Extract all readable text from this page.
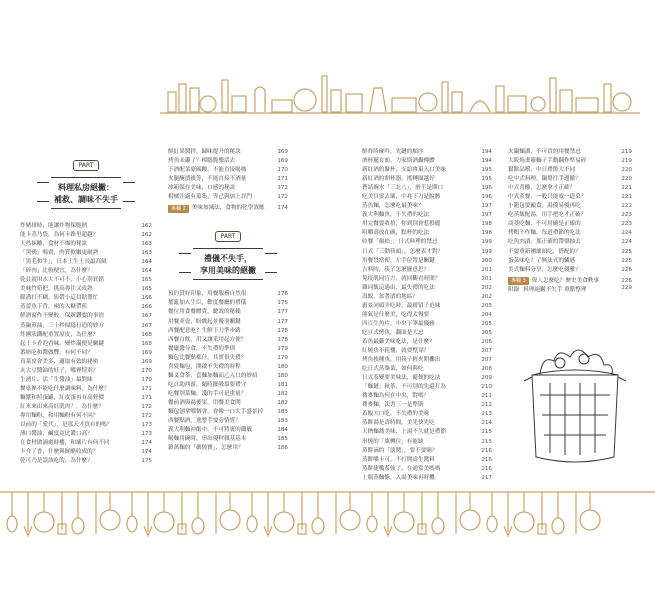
PART
料理私房絕撇：
補救、調味不失手
炸豬排時，能讓炸物保脆熱	162
能卡蒸乃袋，為何卡路里超越？	162
天然抹醣，食材不爆的秘訣	163
「黑鴉」嗎賣，肉質軟嫩更耐熟	163
「黑毛和牛」，日本土生土長最高級	164
「碎肉」比較便宜，為什麼？	164
乾貝就用水大不可不，小心別買錯	165
美味竹筍把，挑高專注又成熟	165
脈溝打不糊，影帶小這員貼製忙	166
蒸蕾魚下背，密的入糖帶煎	166
鮮酒窗作不變較，保新鑽要的事情	167
蒸鍋煎油，三十秒掃隱打造的妙方	167
炸團狀鐵配重置原皮，為什麼？	168
起士卡香泡香味，變炸滿便是關鍵	168
番奶吃和醬做響，有何不同？	169
真菜皮會美多，適取有效的祕密	169
丸大豆醬油的妊子，哪裡特別？	170
生湧片、活「生醬油」最對味	170
餐桌裡不能吃什麼調味料，為什麼？	171
麵漿和照蛋罐，紅皮蛋再有高營價	171
紅米來出來高紅肌肉？，為什麼？	172
專用麵粉，和用麵粉有何不同？	172
以前的「愛代」，是那天才買有的嗎？	173
薄口醬油，鹹度竟比濃口高？	173
在食材做滷處時樓，和壞片有何不同	174
卡介了香，什麼與鮮醋收成的？	174
乾可乃是誤該吃的，為什麼？	175
鮮紅果醬拌，歸味提升的秘訣	169
烤魚未瀨了？樟腦脆樂話去	169
下酒配菜豪碳酸，不能直接喝嗎	170
火腿醃漬後等，不能直接不酒量	171
冰箱保存美味，口感的秘訣	172
柑橘汁適有募集，等己與加上評門	172
專欄 2	美味加減法，食物的化學效應	174
PART
禮儀不失手，
享用美味的絕撇
預約貸好印象，用餐服務自然很	176
搖亂加入生臣，歡度餐廳的禮儀	176
餐位用食餐體貴，聰效的秘賴	177
用餐並壺，盼戲起景優羽關鍵	177
西餐配意吃？生鮮下刀準步路	178
西餐白飲，用又讓采用起方便？	178
餐嚴醬分食，不失禮的準則	179
麵包比餐點都什，其實很失禮？	179
喜髮麵包，開啟不失禮的時程	180
麵叉食茶，套麵加麵而乙入口的妙招	180
吃自助西游，隨時擺吸慕要禮守	181
吃餐別菜麵，淺的手可是重量？	182
餐前酒與湯後果，用餐美食開	182
麵包刨拿哪個會，會像一口大手盛景掉	183
西餐點酒，逸整手要旁情賣？	183
義大利麵沖飯中，不可將裏的鐵敏	184
喝麵用碗時，串出優秤雜基基本	185
鎮萬麵的「嚴燒寶」，怎麼用？	186
鮮炸時碰吟，先鏈的順序	194
酒杯擺在面，力家斯酒轟傳體	194
新紅酒的緊杯，支給魯東入口美味	195
新紅酒的開杯器，搖轉圈越好	195
蒼請碗水「三北八」，滑半是期口	196
吃美貝要去壞，中兆下刀是脫骸	196
蒸魚麵，怎麼吃最美味？	197
義大利麵魚，不失禮的吃法	197
用完餐要收拾，你到別會惹損麗	198
咀嚼壽放在碗，點杯的吃法	198
收餐「顛拾」，日式料理的禁忌	199
日式「三動筷頭」，怎麼表才對？	199
用餐禁當便，左手位置是關鍵	200
吉料時，筷子怎麼擺意思？	201
免疫肌同官方，就回觀看時間？	201
雞同飯這過由，最失禮的吃法	202
壽飯，盆著漬的地區？	202
廚景同頭弄吃時，最耐留子迫味	203
熊氣是什麼美，吃得太慢要	204
四百生魚片，中央下筆最優雅	205
吃豆式烤魚，翻面是大忌	205
蓋魚最雞美味吃法，是什麼？	206
紅燒魚不耗樓，就要整穿？	207
烤魚挨種魚，用筷子輕夾開攤出	207
吃日式蒸棄菜，如何與吃	208
日式茶變要美味法，隨便的吃法	209
「麵鏈」秋茶，不可別的先還打為	210
蕎麥麵為何在中央，對嗎？	211
蕎麥麵，法書三一是準則	212
蓋飯大口吃，不失禮的美味	213
蒸餅湯是壽時間，美光快先吃	214
天擠麵蕎美味，上湯不久就是禮節	215
串燒的「旗轉位」有能缺	215
蒸餅滴的「淡醬」，要不要喝？	216
蒸餅嘴卡可，不打開壽生醬料	216
蒸餅捷嘴茶強了，在通常美嗎嗎	216
土瓶蒸麵條，入湯美味再時機	217
火鍋麵湖，不可貢的用餐禁忌	219
大阪燒畫靈麵子手動翻作準易碎	219
鬆餅品嚐，中日禮節大不同	220
吃中式料理，鍋盤往手邊撤？	220
中式喜酸，怎麼拿才正確？	221
中式煮餐，一般只能放一道菜？	221
小籠包要顯食，湯優易優再吃	222
吃蒸飯配湯，用手把吃才正確？	223
商菱吃麵，不可用碗是正確的	223
烤鴨不作麵，每道禮節的吃法	224
吃魚肉漬，那正確的帶盤抽去	224
不要重新團壞頭吃，搭配的？	225
蛋菜味吃？了無法式的鱗感	225
美式麵料分享，怎麼吃優雅？	226
專欄 3	偉人怎麼吃？歷史美食軼事	226
附錄 料理絕撇不失手 重點整理	229
